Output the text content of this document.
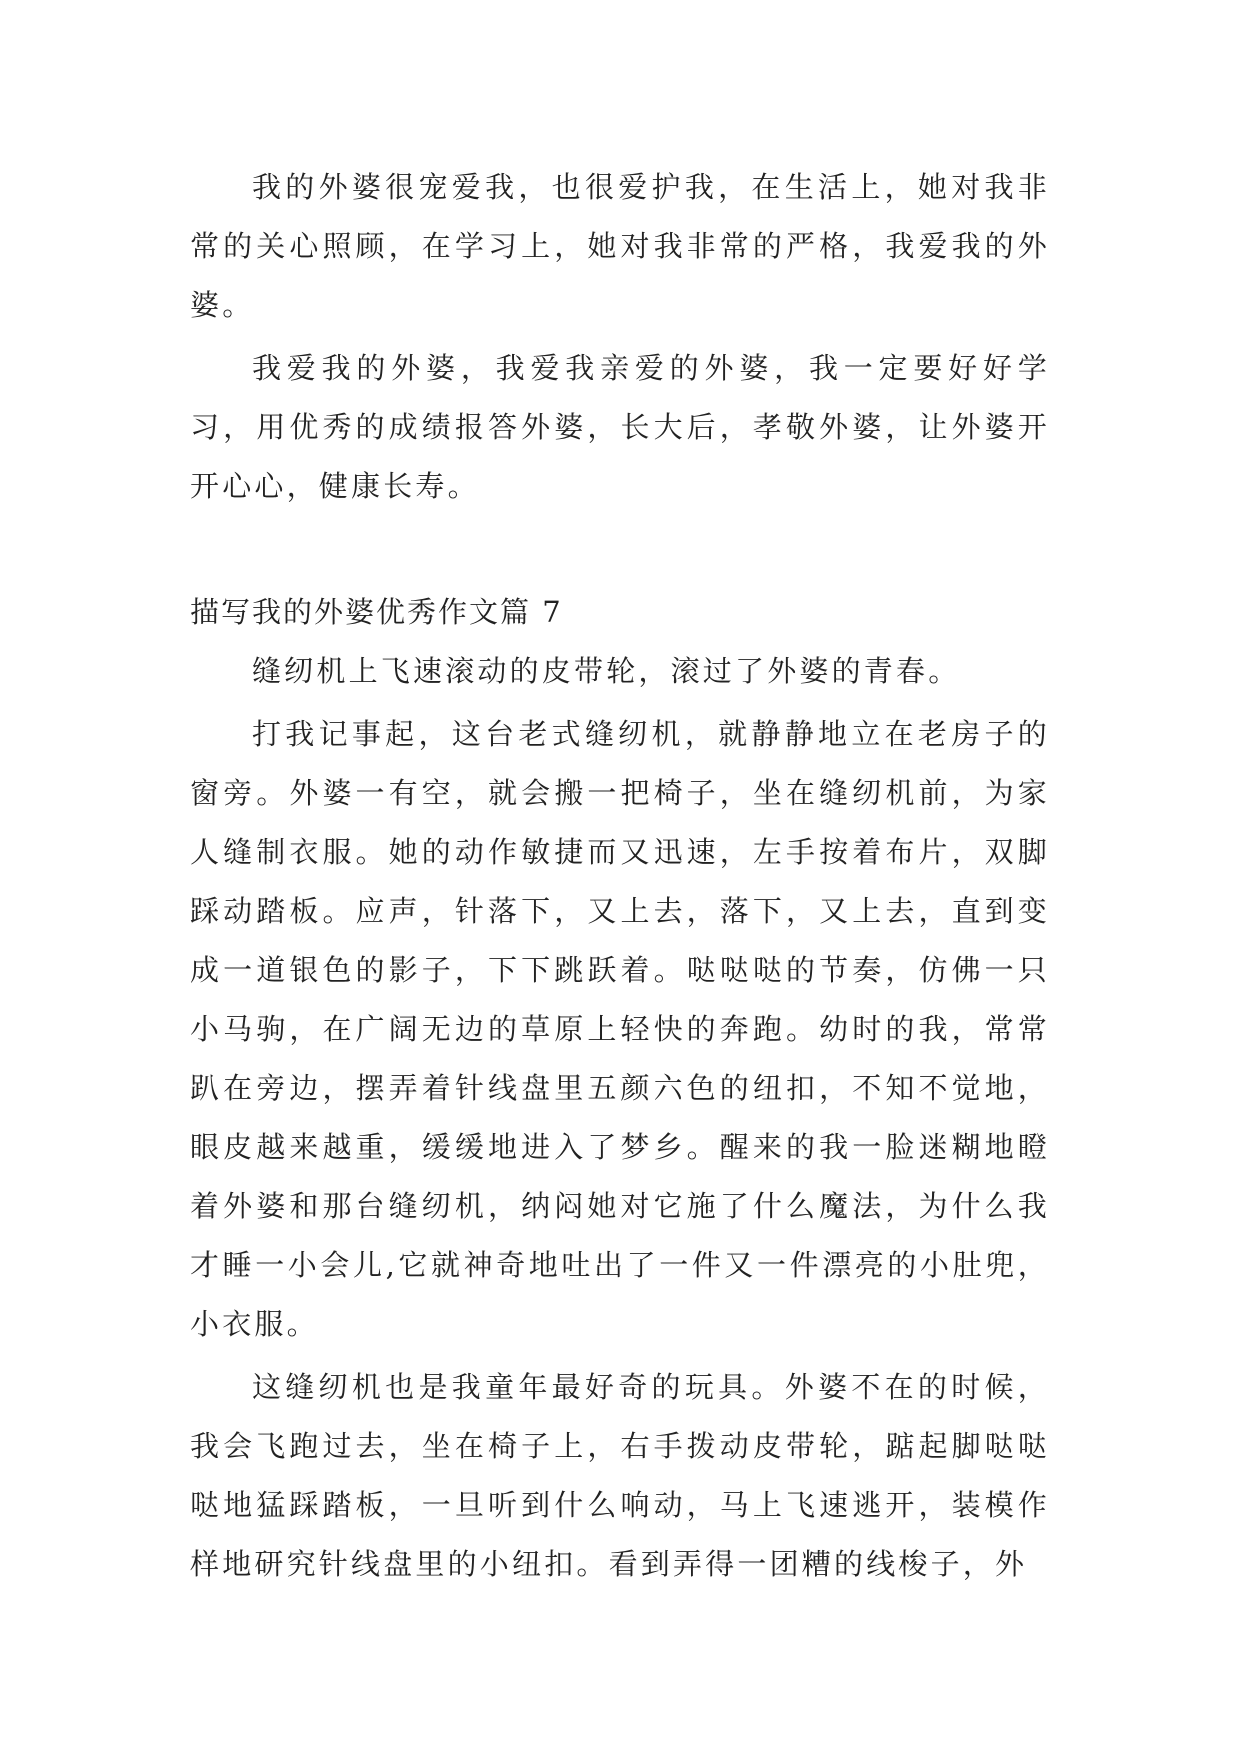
我的外婆很宠爱我，也很爱护我，在生活上，她对我非常的关心照顾，在学习上，她对我非常的严格，我爱我的外婆。

我爱我的外婆，我爱我亲爱的外婆，我一定要好好学习，用优秀的成绩报答外婆，长大后，孝敬外婆，让外婆开开心心，健康长寿。

描写我的外婆优秀作文篇 7

缝纫机上飞速滚动的皮带轮，滚过了外婆的青春。

打我记事起，这台老式缝纫机，就静静地立在老房子的窗旁。外婆一有空，就会搬一把椅子，坐在缝纫机前，为家人缝制衣服。她的动作敏捷而又迅速，左手按着布片，双脚踩动踏板。应声，针落下，又上去，落下，又上去，直到变成一道银色的影子，下下跳跃着。哒哒哒的节奏，仿佛一只小马驹，在广阔无边的草原上轻快的奔跑。幼时的我，常常趴在旁边，摆弄着针线盘里五颜六色的纽扣，不知不觉地，眼皮越来越重，缓缓地进入了梦乡。醒来的我一脸迷糊地瞪着外婆和那台缝纫机，纳闷她对它施了什么魔法，为什么我才睡一小会儿,它就神奇地吐出了一件又一件漂亮的小肚兜，小衣服。

这缝纫机也是我童年最好奇的玩具。外婆不在的时候，我会飞跑过去，坐在椅子上，右手拨动皮带轮，踮起脚哒哒哒地猛踩踏板，一旦听到什么响动，马上飞速逃开，装模作样地研究针线盘里的小纽扣。看到弄得一团糟的线梭子，外
